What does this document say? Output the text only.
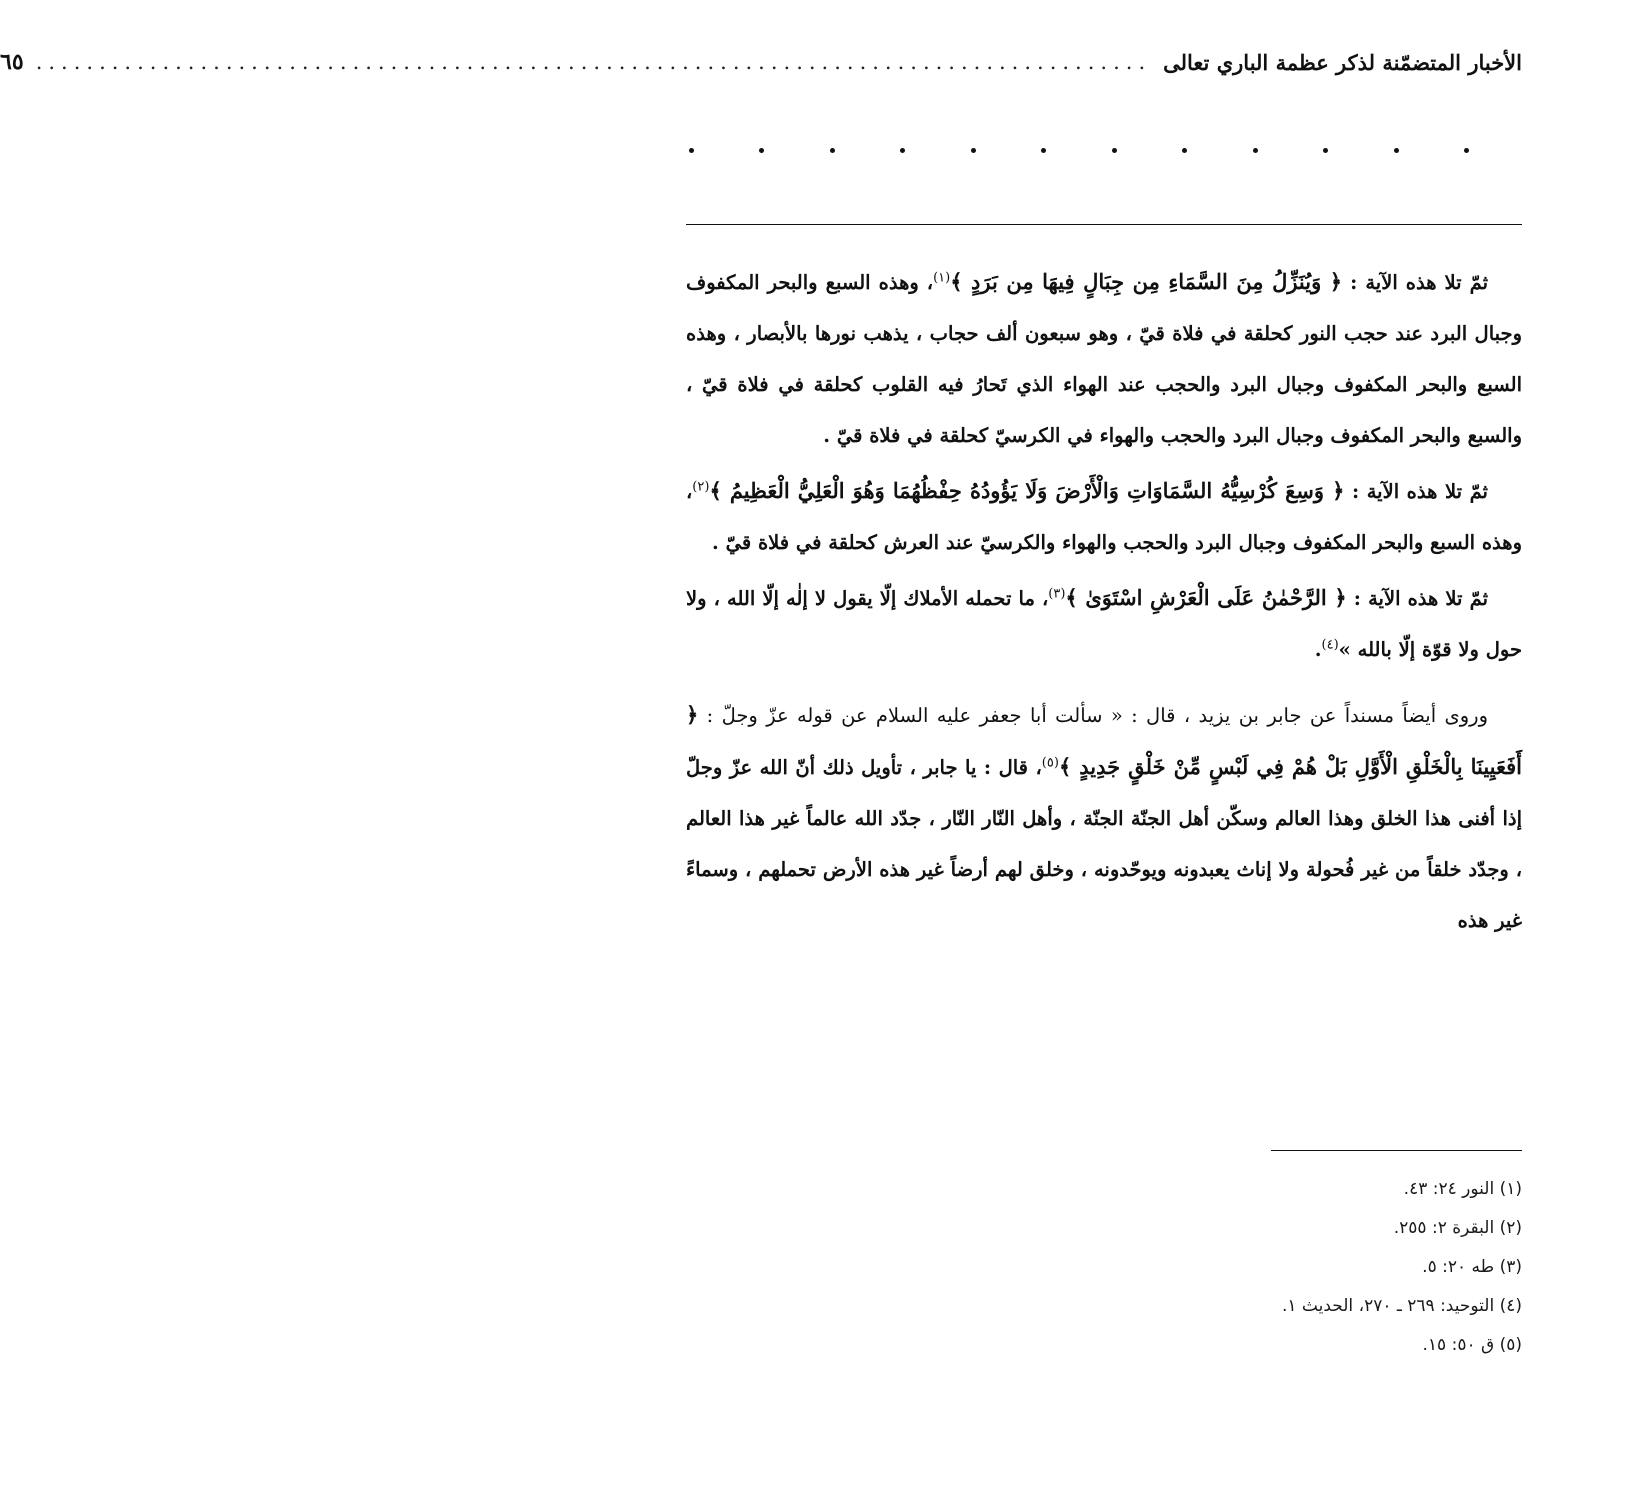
الأخبار المتضمّنة لذكر عظمة الباري تعالى
........................................................................................
٦٥

ثمّ تلا هذه الآية : ﴿ وَيُنَزِّلُ مِنَ السَّمَاءِ مِن جِبَالٍ فِيهَا مِن بَرَدٍ ﴾$^{(١)}$، وهذه السبع والبحر المكفوف وجبال البرد عند حجب النور كحلقة في فلاة قيّ ، وهو سبعون ألف حجاب ، يذهب نورها بالأبصار ، وهذه السبع والبحر المكفوف وجبال البرد والحجب عند الهواء الذي تَحارُ فيه القلوب كحلقة في فلاة قيّ ، والسبع والبحر المكفوف وجبال البرد والحجب والهواء في الكرسيّ كحلقة في فلاة قيّ .

ثمّ تلا هذه الآية : ﴿ وَسِعَ كُرْسِيُّهُ السَّمَاوَاتِ وَالْأَرْضَ وَلَا يَؤُودُهُ حِفْظُهُمَا وَهُوَ الْعَلِيُّ الْعَظِيمُ ﴾$^{(٢)}$، وهذه السبع والبحر المكفوف وجبال البرد والحجب والهواء والكرسيّ عند العرش كحلقة في فلاة قيّ .

ثمّ تلا هذه الآية : ﴿ الرَّحْمٰنُ عَلَى الْعَرْشِ اسْتَوَىٰ ﴾$^{(٣)}$، ما تحمله الأملاك إلّا يقول لا إلٰه إلّا الله ، ولا حول ولا قوّة إلّا بالله »$^{(٤)}$.

وروى أيضاً مسنداً عن جابر بن يزيد ، قال : « سألت أبا جعفر عليه السلام عن قوله عزّ وجلّ : ﴿ أَفَعَيِينَا بِالْخَلْقِ الْأَوَّلِ بَلْ هُمْ فِي لَبْسٍ مِّنْ خَلْقٍ جَدِيدٍ ﴾$^{(٥)}$، قال : يا جابر ، تأويل ذلك أنّ الله عزّ وجلّ إذا أفنى هذا الخلق وهذا العالم وسكّن أهل الجنّة الجنّة ، وأهل النّار النّار ، جدّد الله عالماً غير هذا العالم ، وجدّد خلقاً من غير فُحولة ولا إناث يعبدونه ويوحّدونه ، وخلق لهم أرضاً غير هذه الأرض تحملهم ، وسماءً غير هذه

(١) النور ٢٤: ٤٣.
(٢) البقرة ٢: ٢٥٥.
(٣) طه ٢٠: ٥.
(٤) التوحيد: ٢٦٩ ـ ٢٧٠، الحديث ١.
(٥) ق ٥٠: ١٥.
